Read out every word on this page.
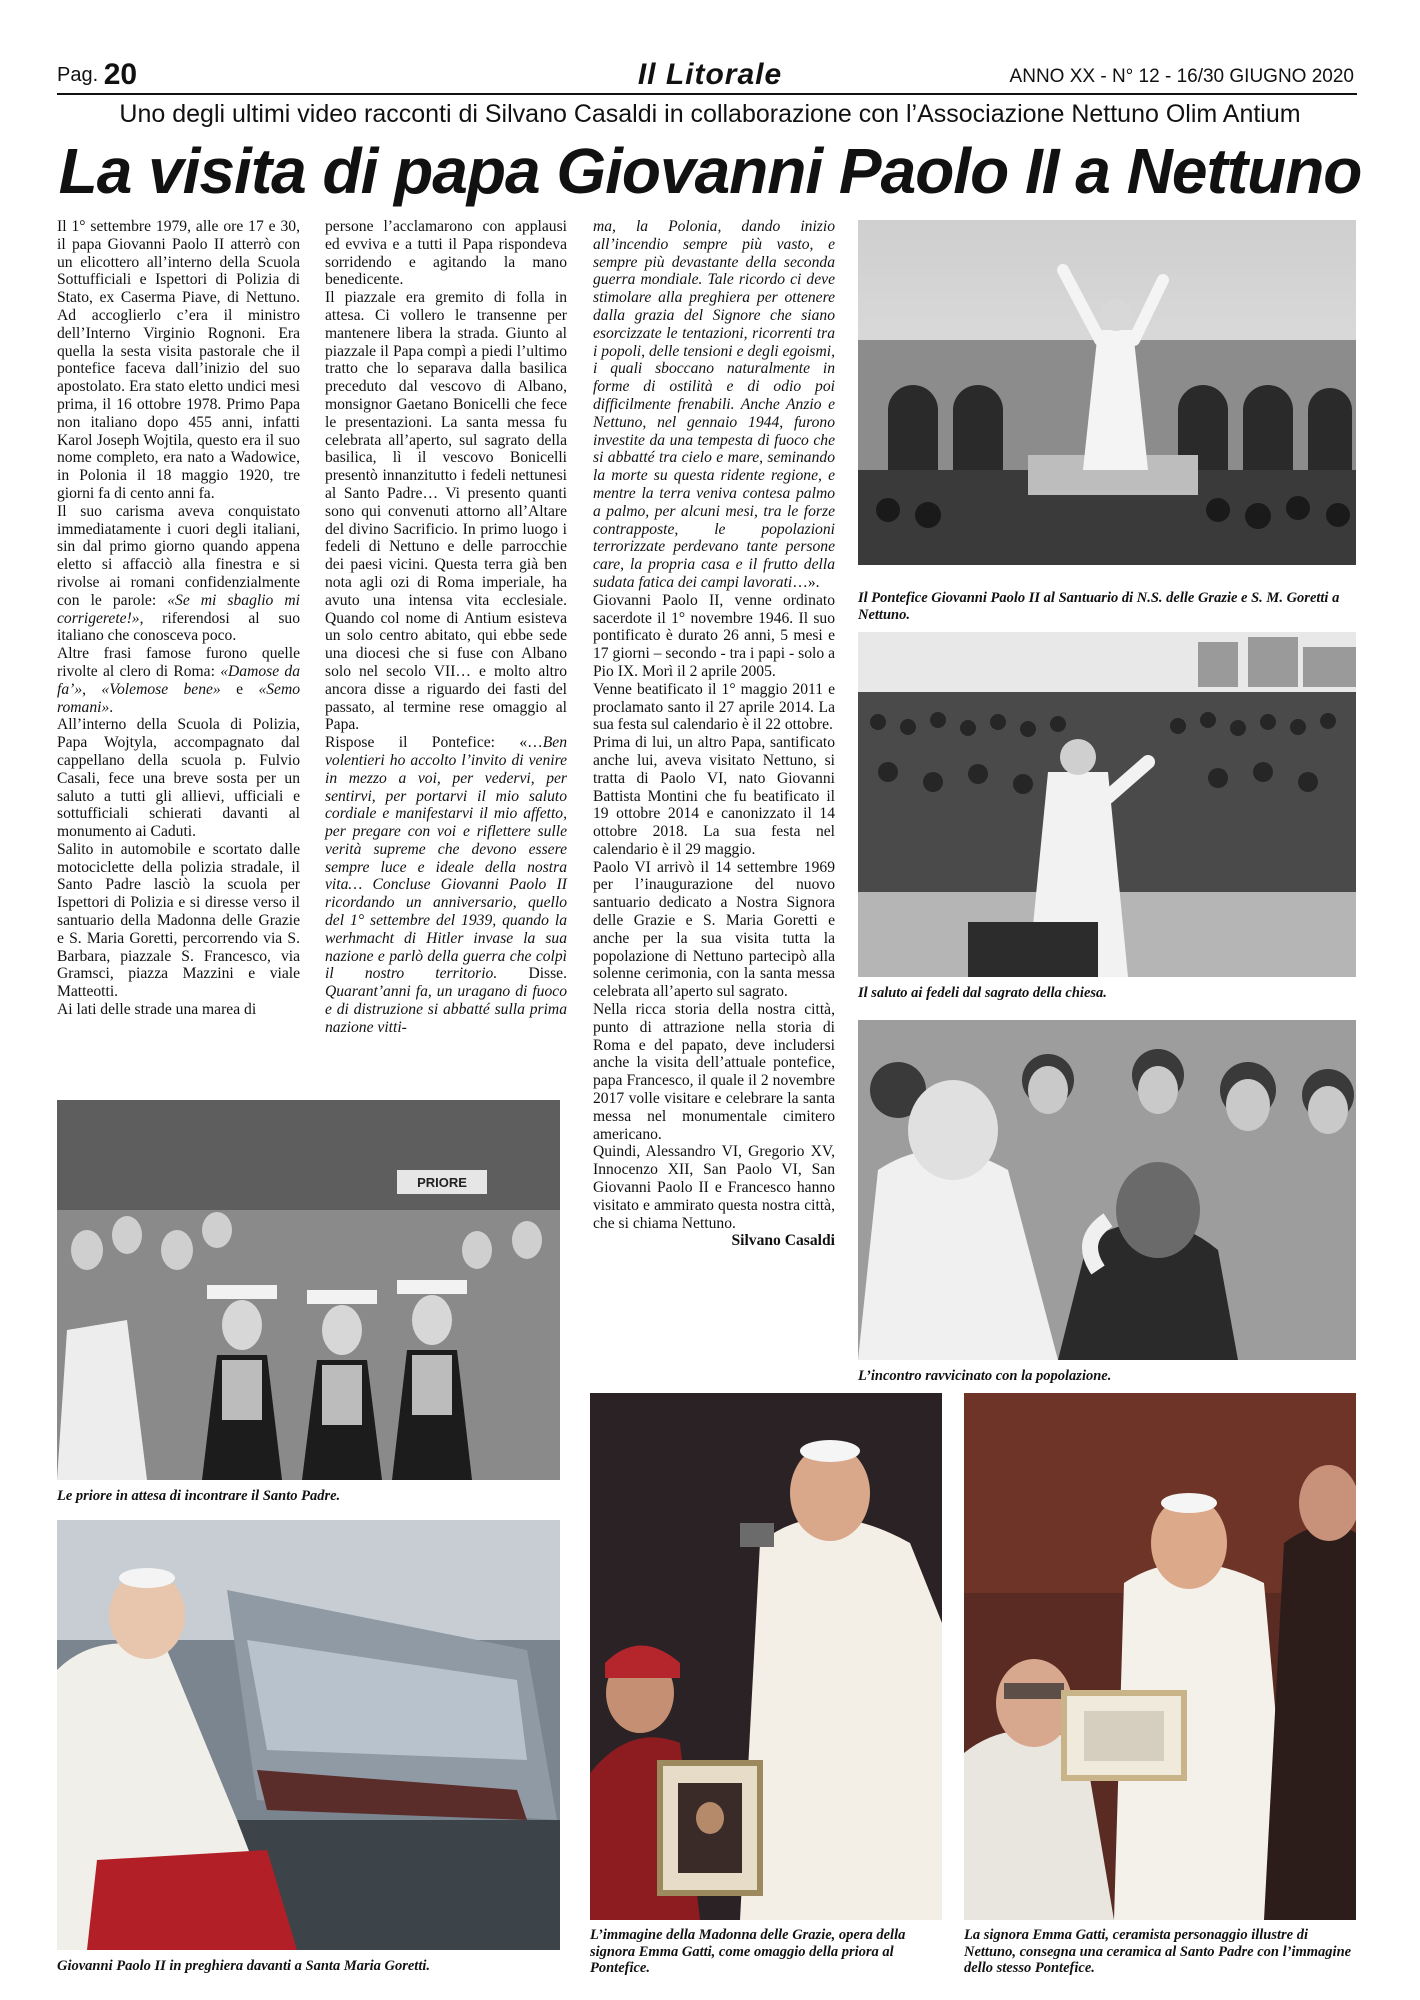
Pag. 20	Il Litorale	ANNO XX - N° 12 - 16/30 GIUGNO 2020
Uno degli ultimi video racconti di Silvano Casaldi in collaborazione con l’Associazione Nettuno Olim Antium
La visita di papa Giovanni Paolo II a Nettuno

Il 1° settembre 1979, alle ore 17 e 30, il papa Giovanni Paolo II atterrò con un elicottero all’interno della Scuola Sottufficiali e Ispettori di Polizia di Stato, ex Caserma Piave, di Nettuno. Ad accoglierlo c’era il ministro dell’Interno Virginio Rognoni. Era quella la sesta visita pastorale che il pontefice faceva dall’inizio del suo apostolato. Era stato eletto undici mesi prima, il 16 ottobre 1978. Primo Papa non italiano dopo 455 anni, infatti Karol Joseph Wojtila, questo era il suo nome completo, era nato a Wadowice, in Polonia il 18 maggio 1920, tre giorni fa di cento anni fa.

Il suo carisma aveva conquistato immediatamente i cuori degli italiani, sin dal primo giorno quando appena eletto si affacciò alla finestra e si rivolse ai romani confidenzialmente con le parole: «Se mi sbaglio mi corrigerete!», riferendosi al suo italiano che conosceva poco.

Altre frasi famose furono quelle rivolte al clero di Roma: «Damose da fa’», «Volemose bene» e «Semo romani».

All’interno della Scuola di Polizia, Papa Wojtyla, accompagnato dal cappellano della scuola p. Fulvio Casali, fece una breve sosta per un saluto a tutti gli allievi, ufficiali e sottufficiali schierati davanti al monumento ai Caduti.

Salito in automobile e scortato dalle motociclette della polizia stradale, il Santo Padre lasciò la scuola per Ispettori di Polizia e si diresse verso il santuario della Madonna delle Grazie e S. Maria Goretti, percorrendo via S. Barbara, piazzale S. Francesco, via Gramsci, piazza Mazzini e viale Matteotti.

Ai lati delle strade una marea di

persone l’acclamarono con applausi ed evviva e a tutti il Papa rispondeva sorridendo e agitando la mano benedicente.

Il piazzale era gremito di folla in attesa. Ci vollero le transenne per mantenere libera la strada. Giunto al piazzale il Papa compì a piedi l’ultimo tratto che lo separava dalla basilica preceduto dal vescovo di Albano, monsignor Gaetano Bonicelli che fece le presentazioni. La santa messa fu celebrata all’aperto, sul sagrato della basilica, lì il vescovo Bonicelli presentò innanzitutto i fedeli nettunesi al Santo Padre… Vi presento quanti sono qui convenuti attorno all’Altare del divino Sacrificio. In primo luogo i fedeli di Nettuno e delle parrocchie dei paesi vicini. Questa terra già ben nota agli ozi di Roma imperiale, ha avuto una intensa vita ecclesiale. Quando col nome di Antium esisteva un solo centro abitato, qui ebbe sede una diocesi che si fuse con Albano solo nel secolo VII… e molto altro ancora disse a riguardo dei fasti del passato, al termine rese omaggio al Papa.

Rispose il Pontefice: «…Ben volentieri ho accolto l’invito di venire in mezzo a voi, per vedervi, per sentirvi, per portarvi il mio saluto cordiale e manifestarvi il mio affetto, per pregare con voi e riflettere sulle verità supreme che devono essere sempre luce e ideale della nostra vita… Concluse Giovanni Paolo II ricordando un anniversario, quello del 1° settembre del 1939, quando la werhmacht di Hitler invase la sua nazione e parlò della guerra che colpì il nostro territorio. Disse. Quarant’anni fa, un uragano di fuoco e di distruzione si abbatté sulla prima nazione vitti-

ma, la Polonia, dando inizio all’incendio sempre più vasto, e sempre più devastante della seconda guerra mondiale. Tale ricordo ci deve stimolare alla preghiera per ottenere dalla grazia del Signore che siano esorcizzate le tentazioni, ricorrenti tra i popoli, delle tensioni e degli egoismi, i quali sboccano naturalmente in forme di ostilità e di odio poi difficilmente frenabili. Anche Anzio e Nettuno, nel gennaio 1944, furono investite da una tempesta di fuoco che si abbatté tra cielo e mare, seminando la morte su questa ridente regione, e mentre la terra veniva contesa palmo a palmo, per alcuni mesi, tra le forze contrapposte, le popolazioni terrorizzate perdevano tante persone care, la propria casa e il frutto della sudata fatica dei campi lavorati…».

Giovanni Paolo II, venne ordinato sacerdote il 1° novembre 1946. Il suo pontificato è durato 26 anni, 5 mesi e 17 giorni – secondo - tra i papi - solo a Pio IX. Morì il 2 aprile 2005.

Venne beatificato il 1° maggio 2011 e proclamato santo il 27 aprile 2014. La sua festa sul calendario è il 22 ottobre.

Prima di lui, un altro Papa, santificato anche lui, aveva visitato Nettuno, si tratta di Paolo VI, nato Giovanni Battista Montini che fu beatificato il 19 ottobre 2014 e canonizzato il 14 ottobre 2018. La sua festa nel calendario è il 29 maggio.

Paolo VI arrivò il 14 settembre 1969 per l’inaugurazione del nuovo santuario dedicato a Nostra Signora delle Grazie e S. Maria Goretti e anche per la sua visita tutta la popolazione di Nettuno partecipò alla solenne cerimonia, con la santa messa celebrata all’aperto sul sagrato.

Nella ricca storia della nostra città, punto di attrazione nella storia di Roma e del papato, deve includersi anche la visita dell’attuale pontefice, papa Francesco, il quale il 2 novembre 2017 volle visitare e celebrare la santa messa nel monumentale cimitero americano.

Quindi, Alessandro VI, Gregorio XV, Innocenzo XII, San Paolo VI, San Giovanni Paolo II e Francesco hanno visitato e ammirato questa nostra città, che si chiama Nettuno.

Silvano Casaldi
Il Pontefice Giovanni Paolo II al Santuario di N.S. delle Grazie e S. M. Goretti a Nettuno.
Il saluto ai fedeli dal sagrato della chiesa.
L’incontro ravvicinato con la popolazione.
PRIORE
Le priore in attesa di incontrare il Santo Padre.
Giovanni Paolo II in preghiera davanti a Santa Maria Goretti.
L’immagine della Madonna delle Grazie, opera della signora Emma Gatti, come omaggio della priora al Pontefice.
La signora Emma Gatti, ceramista personaggio illustre di Nettuno, consegna una ceramica al Santo Padre con l’immagine dello stesso Pontefice.
